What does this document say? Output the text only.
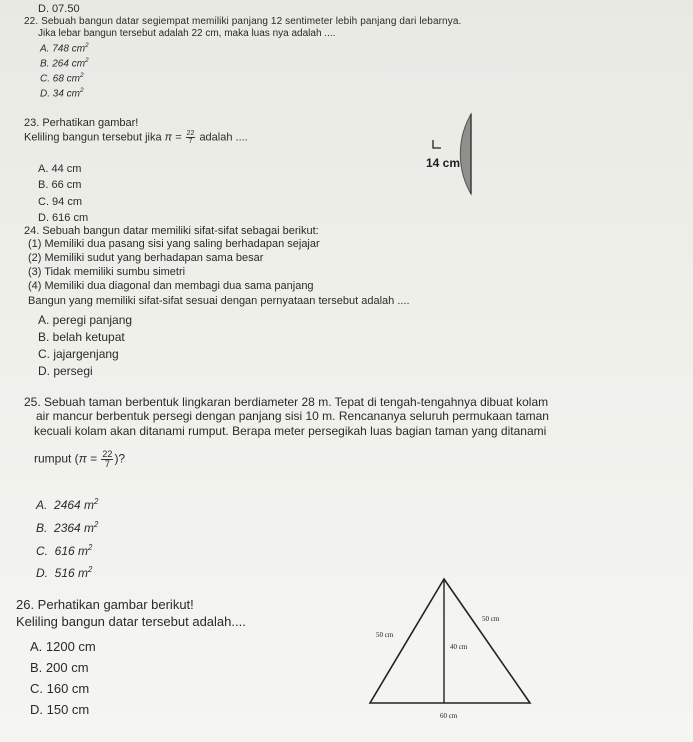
D. 07.50
22. Sebuah bangun datar segiempat memiliki panjang 12 sentimeter lebih panjang dari lebarnya.
Jika lebar bangun tersebut adalah 22 cm, maka luas nya adalah ....
A. 748 $cm^2$
B. 264 $cm^2$
C. 68 $cm^2$
D. 34 $cm^2$
23. Perhatikan gambar!
Keliling bangun tersebut jika $\pi = \frac{22}{7}$ adalah ....
A. 44 cm
B. 66 cm
C. 94 cm
D. 616 cm
14 cm
24. Sebuah bangun datar memiliki sifat-sifat sebagai berikut:
(1) Memiliki dua pasang sisi yang saling berhadapan sejajar
(2) Memiliki sudut yang berhadapan sama besar
(3) Tidak memiliki sumbu simetri
(4) Memiliki dua diagonal dan membagi dua sama panjang
Bangun yang memiliki sifat-sifat sesuai dengan pernyataan tersebut adalah ....
A. peregi panjang
B. belah ketupat
C. jajargenjang
D. persegi
25. Sebuah taman berbentuk lingkaran berdiameter 28 m. Tepat di tengah-tengahnya dibuat kolam
air mancur berbentuk persegi dengan panjang sisi 10 m. Rencananya seluruh permukaan taman
kecuali kolam akan ditanami rumput. Berapa meter persegikah luas bagian taman yang ditanami
rumput ($\pi = \frac{22}{7}$ )?
A. 2464 $m^2$
B. 2364 $m^2$
C. 616 $m^2$
D. 516 $m^2$
26. Perhatikan gambar berikut!
Keliling bangun datar tersebut adalah....
A. 1200 cm
B. 200 cm
C. 160 cm
D. 150 cm
50 cm
50 cm
40 cm
60 cm
